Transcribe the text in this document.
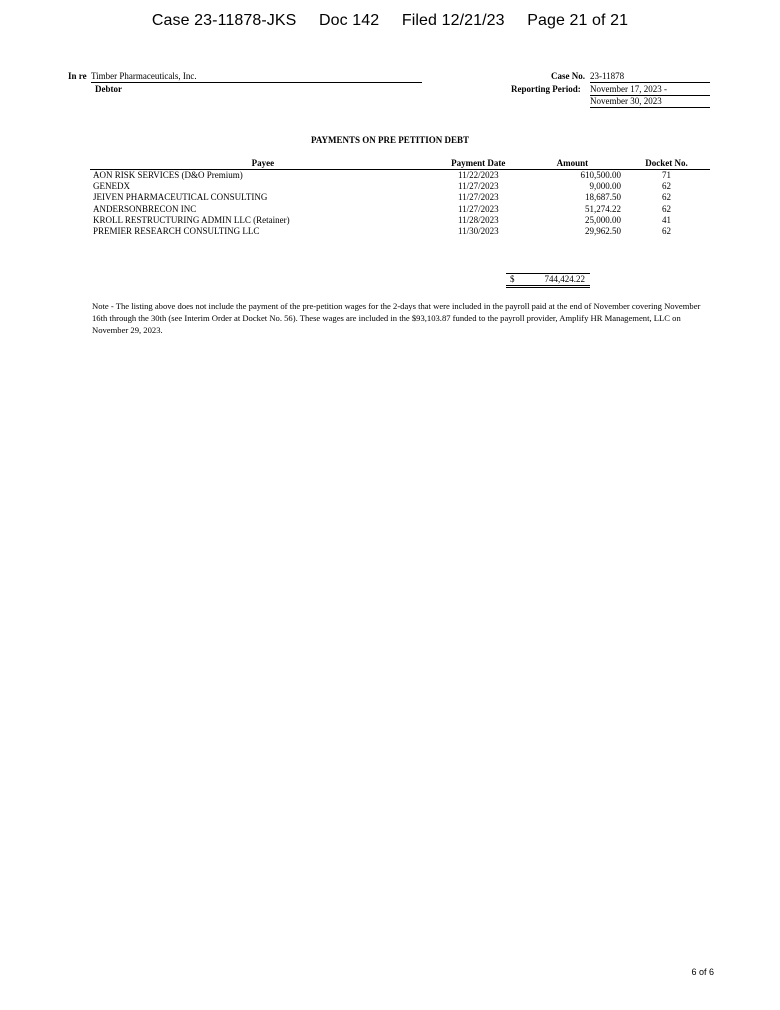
Case 23-11878-JKS Doc 142 Filed 12/21/23 Page 21 of 21
In re Timber Pharmaceuticals, Inc.
Debtor
Case No. 23-11878
Reporting Period: November 17, 2023 -
November 30, 2023
PAYMENTS ON PRE PETITION DEBT
Payee	Payment Date	Amount	Docket No.
AON RISK SERVICES (D&O Premium)	11/22/2023	610,500.00	71
GENEDX	11/27/2023	9,000.00	62
JEIVEN PHARMACEUTICAL CONSULTING	11/27/2023	18,687.50	62
ANDERSONBRECON INC	11/27/2023	51,274.22	62
KROLL RESTRUCTURING ADMIN LLC (Retainer)	11/28/2023	25,000.00	41
PREMIER RESEARCH CONSULTING LLC	11/30/2023	29,962.50	62
$	744,424.22
Note - The listing above does not include the payment of the pre-petition wages for the 2-days that were included in the payroll paid at the end of November covering November 16th through the 30th (see Interim Order at Docket No. 56). These wages are included in the $93,103.87 funded to the payroll provider, Amplify HR Management, LLC on November 29, 2023.
6 of 6
